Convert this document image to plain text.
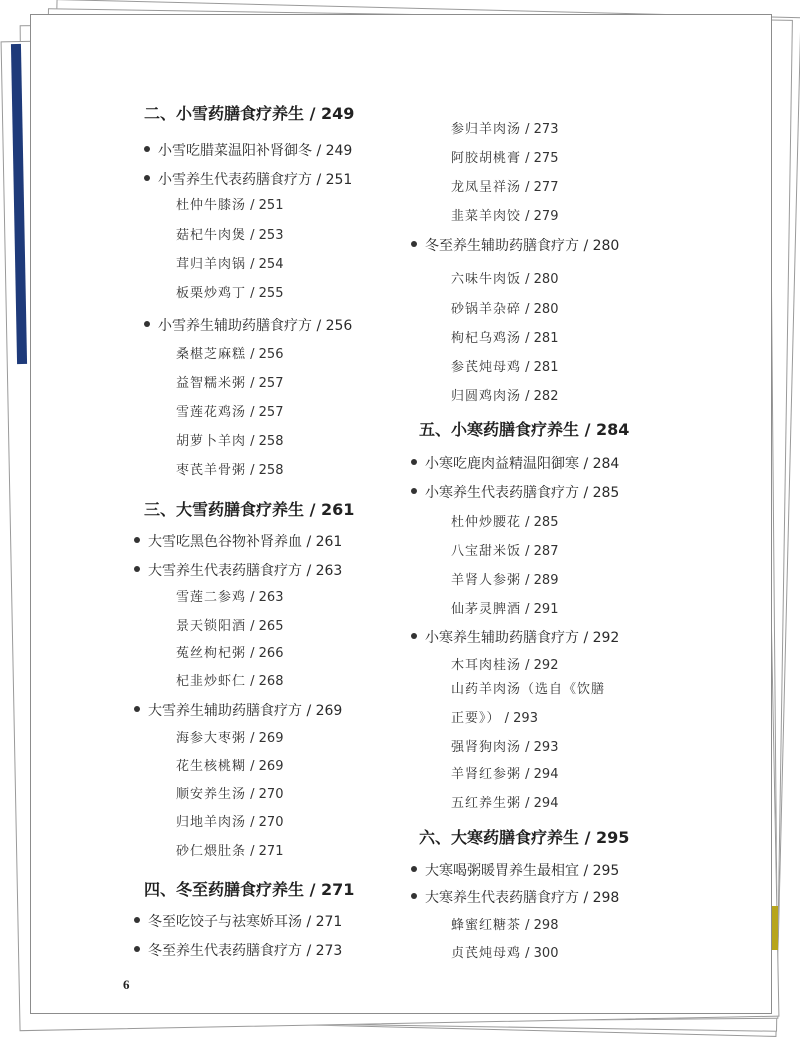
二、小雪药膳食疗养生 / 249
小雪吃腊菜温阳补肾御冬 / 249
小雪养生代表药膳食疗方 / 251
杜仲牛膝汤 / 251
菇杞牛肉煲 / 253
茸归羊肉锅 / 254
板栗炒鸡丁 / 255
小雪养生辅助药膳食疗方 / 256
桑椹芝麻糕 / 256
益智糯米粥 / 257
雪莲花鸡汤 / 257
胡萝卜羊肉 / 258
枣芪羊骨粥 / 258
三、大雪药膳食疗养生 / 261
大雪吃黑色谷物补肾养血 / 261
大雪养生代表药膳食疗方 / 263
雪莲二参鸡 / 263
景天锁阳酒 / 265
菟丝枸杞粥 / 266
杞韭炒虾仁 / 268
大雪养生辅助药膳食疗方 / 269
海参大枣粥 / 269
花生核桃糊 / 269
顺安养生汤 / 270
归地羊肉汤 / 270
砂仁煨肚条 / 271
四、冬至药膳食疗养生 / 271
冬至吃饺子与祛寒娇耳汤 / 271
冬至养生代表药膳食疗方 / 273
参归羊肉汤 / 273
阿胶胡桃膏 / 275
龙凤呈祥汤 / 277
韭菜羊肉饺 / 279
冬至养生辅助药膳食疗方 / 280
六味牛肉饭 / 280
砂锅羊杂碎 / 280
枸杞乌鸡汤 / 281
参芪炖母鸡 / 281
归圆鸡肉汤 / 282
五、小寒药膳食疗养生 / 284
小寒吃鹿肉益精温阳御寒 / 284
小寒养生代表药膳食疗方 / 285
杜仲炒腰花 / 285
八宝甜米饭 / 287
羊肾人参粥 / 289
仙茅灵脾酒 / 291
小寒养生辅助药膳食疗方 / 292
木耳肉桂汤 / 292
山药羊肉汤（选自《饮膳
正要》） / 293
强肾狗肉汤 / 293
羊肾红参粥 / 294
五红养生粥 / 294
六、大寒药膳食疗养生 / 295
大寒喝粥暖胃养生最相宜 / 295
大寒养生代表药膳食疗方 / 298
蜂蜜红糖茶 / 298
贞芪炖母鸡 / 300
6
